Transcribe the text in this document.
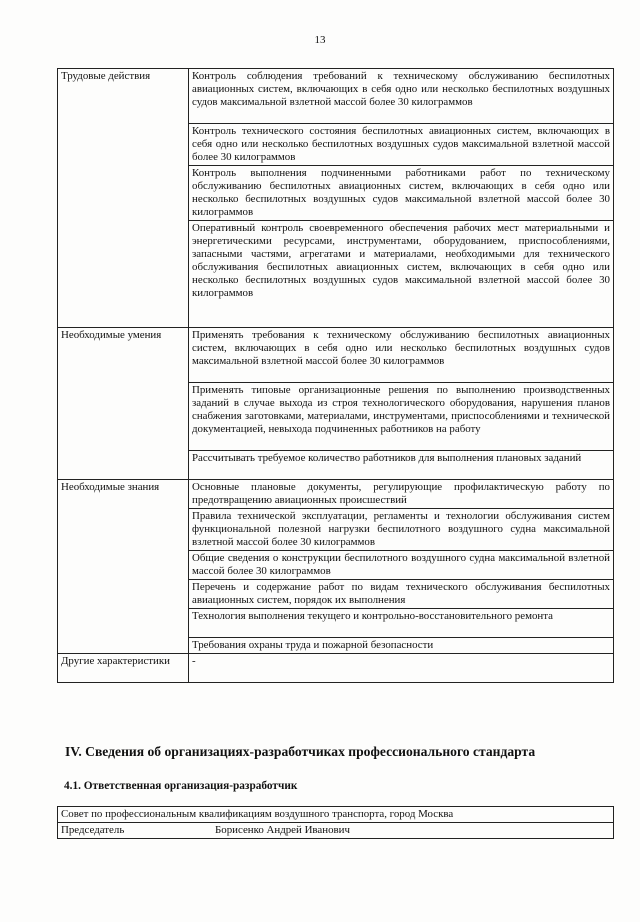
13
Трудовые действия	Контроль соблюдения требований к техническому обслуживанию беспилотных авиационных систем, включающих в себя одно или несколько беспилотных воздушных судов максимальной взлетной массой более 30 килограммов
	Контроль технического состояния беспилотных авиационных систем, включающих в себя одно или несколько беспилотных воздушных судов максимальной взлетной массой более 30 килограммов
	Контроль выполнения подчиненными работниками работ по техническому обслуживанию беспилотных авиационных систем, включающих в себя одно или несколько беспилотных воздушных судов максимальной взлетной массой более 30 килограммов
	Оперативный контроль своевременного обеспечения рабочих мест материальными и энергетическими ресурсами, инструментами, оборудованием, приспособлениями, запасными частями, агрегатами и материалами, необходимыми для технического обслуживания беспилотных авиационных систем, включающих в себя одно или несколько беспилотных воздушных судов максимальной взлетной массой более 30 килограммов
Необходимые умения	Применять требования к техническому обслуживанию беспилотных авиационных систем, включающих в себя одно или несколько беспилотных воздушных судов максимальной взлетной массой более 30 килограммов
	Применять типовые организационные решения по выполнению производственных заданий в случае выхода из строя технологического оборудования, нарушения планов снабжения заготовками, материалами, инструментами, приспособлениями и технической документацией, невыхода подчиненных работников на работу
	Рассчитывать требуемое количество работников для выполнения плановых заданий
Необходимые знания	Основные плановые документы, регулирующие профилактическую работу по предотвращению авиационных происшествий
	Правила технической эксплуатации, регламенты и технологии обслуживания систем функциональной полезной нагрузки беспилотного воздушного судна максимальной взлетной массой более 30 килограммов
	Общие сведения о конструкции беспилотного воздушного судна максимальной взлетной массой более 30 килограммов
	Перечень и содержание работ по видам технического обслуживания беспилотных авиационных систем, порядок их выполнения
	Технология выполнения текущего и контрольно-восстановительного ремонта
	Требования охраны труда и пожарной безопасности
Другие характеристики	-
IV. Сведения об организациях-разработчиках профессионального стандарта
4.1. Ответственная организация-разработчик
Совет по профессиональным квалификациям воздушного транспорта, город Москва
Председатель	Борисенко Андрей Иванович
